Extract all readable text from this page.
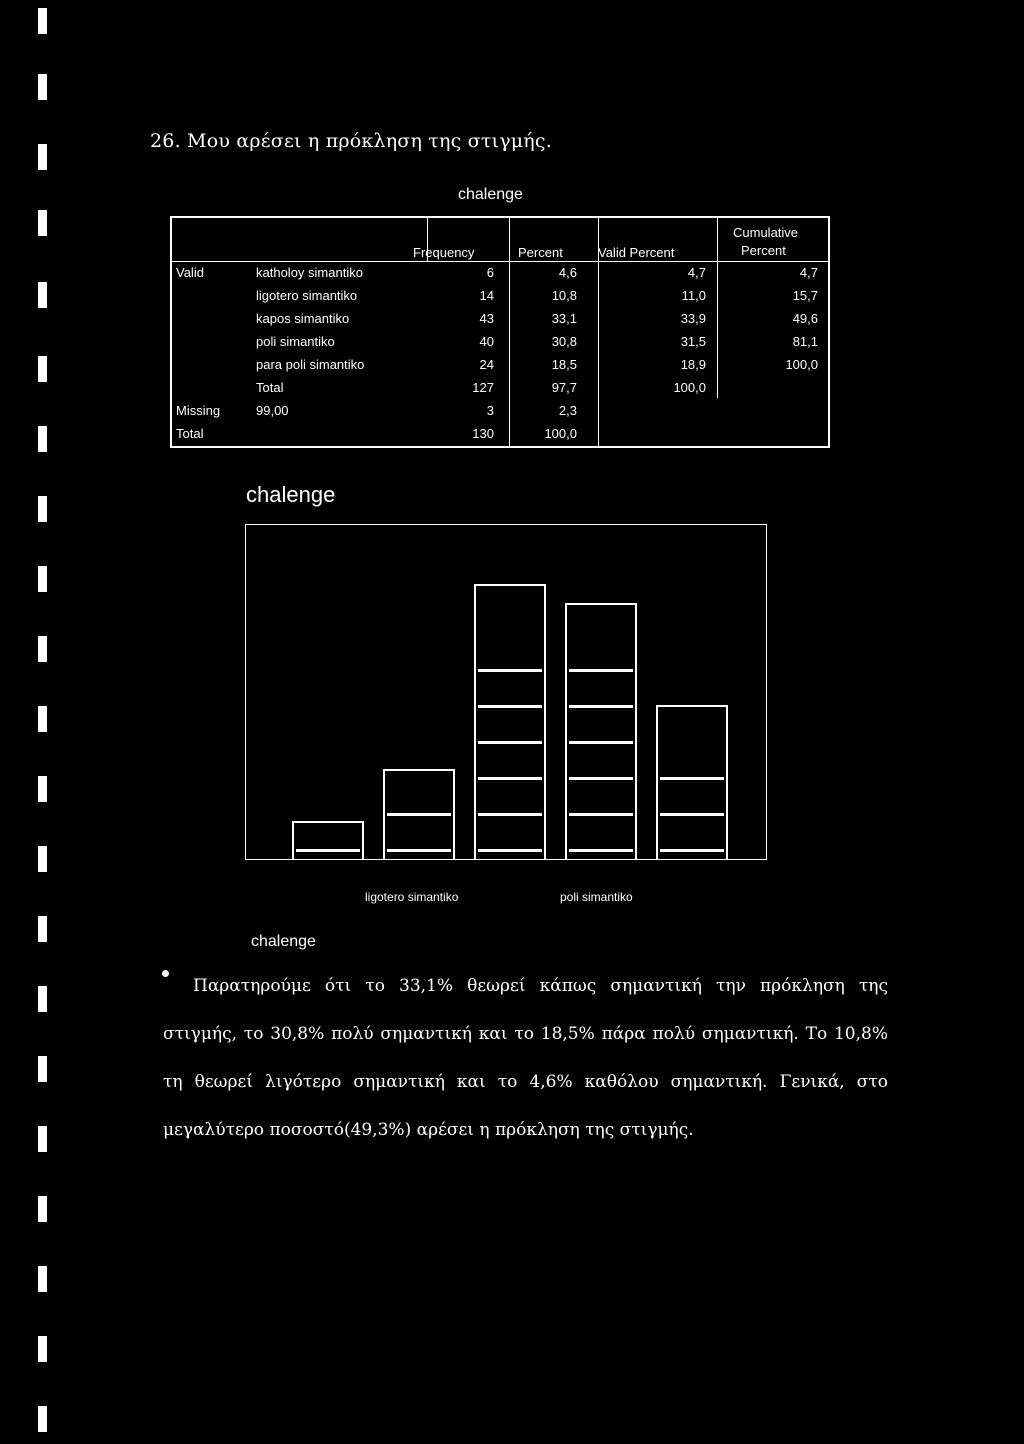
26. Μου αρέσει η πρόκληση της στιγμής.
chalenge
Frequency	Percent	Valid Percent
Cumulative
Percent
Valid	katholoy simantiko	6	4,6	4,7	4,7
ligotero simantiko	14	10,8	11,0	15,7
kapos simantiko	43	33,1	33,9	49,6
poli simantiko	40	30,8	31,5	81,1
para poli simantiko	24	18,5	18,9	100,0
Total	127	97,7	100,0
Missing	99,00	3	2,3
Total	130	100,0
chalenge
ligotero simantiko	poli simantiko
chalenge
Παρατηρούμε ότι το 33,1% θεωρεί κάπως σημαντική την πρόκληση της στιγμής, το 30,8% πολύ σημαντική και το 18,5% πάρα πολύ σημαντική. Το 10,8% τη θεωρεί λιγότερο σημαντική και το 4,6% καθόλου σημαντική. Γενικά, στο μεγαλύτερο ποσοστό(49,3%) αρέσει η πρόκληση της στιγμής.
